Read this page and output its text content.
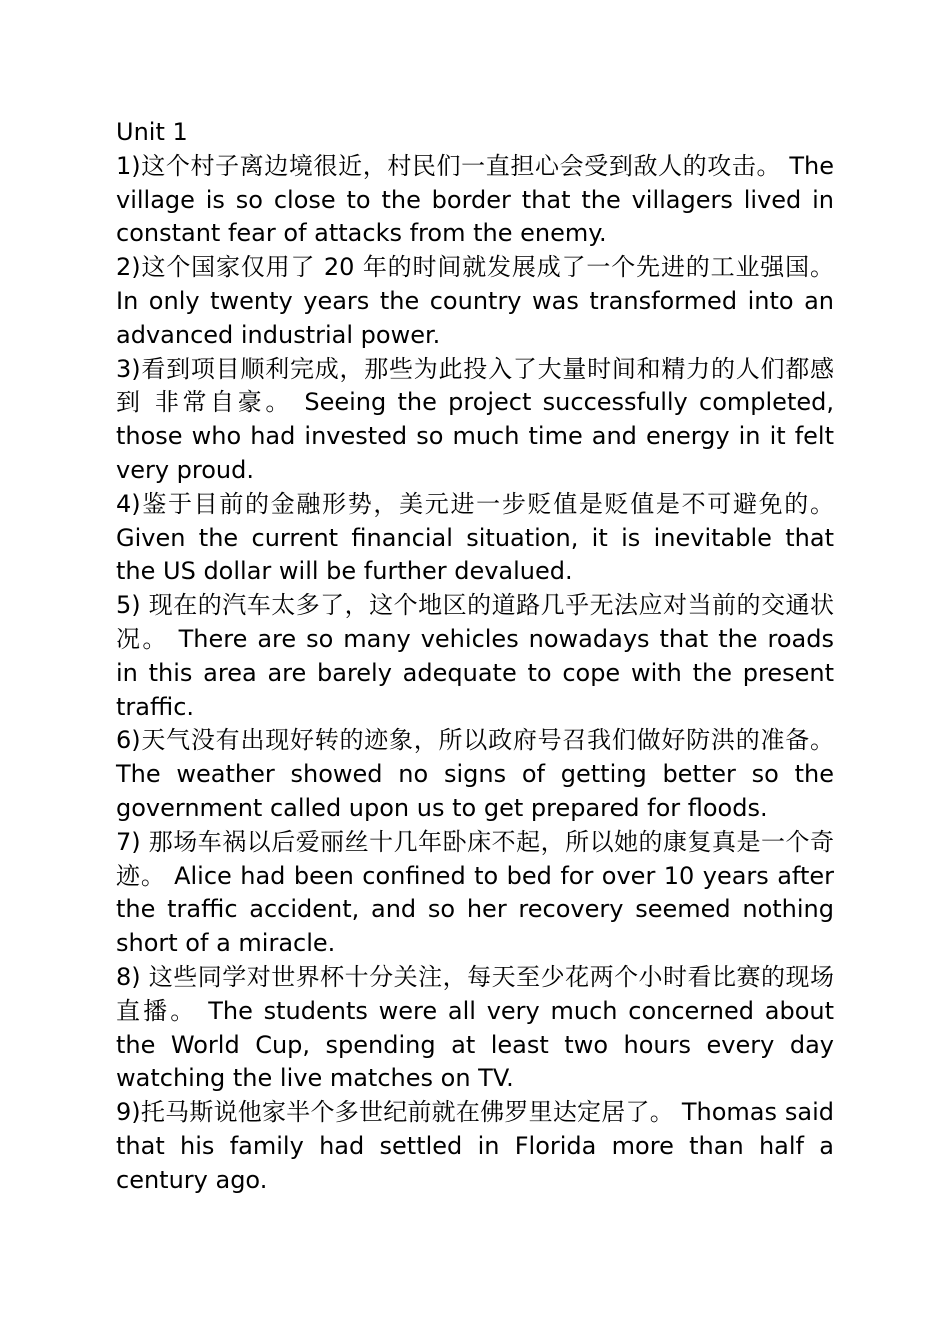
Unit 1
1)这个村子离边境很近，村民们一直担心会受到敌人的攻击。 The village is so close to the border that the villagers lived in constant fear of attacks from the enemy.
2)这个国家仅用了 20 年的时间就发展成了一个先进的工业强国。 In only twenty years the country was transformed into an advanced industrial power.
3)看到项目顺利完成，那些为此投入了大量时间和精力的人们都感到 非常自豪。 Seeing the project successfully completed, those who had invested so much time and energy in it felt very proud.
4)鉴于目前的金融形势，美元进一步贬值是贬值是不可避免的。 Given the current financial situation, it is inevitable that the US dollar will be further devalued.
5) 现在的汽车太多了，这个地区的道路几乎无法应对当前的交通状 况。 There are so many vehicles nowadays that the roads in this area are barely adequate to cope with the present traffic.
6)天气没有出现好转的迹象，所以政府号召我们做好防洪的准备。 The weather showed no signs of getting better so the government called upon us to get prepared for floods.
7) 那场车祸以后爱丽丝十几年卧床不起，所以她的康复真是一个奇迹。 Alice had been confined to bed for over 10 years after the traffic accident, and so her recovery seemed nothing short of a miracle.
8) 这些同学对世界杯十分关注，每天至少花两个小时看比赛的现场 直播。 The students were all very much concerned about the World Cup, spending at least two hours every day watching the live matches on TV.
9)托马斯说他家半个多世纪前就在佛罗里达定居了。 Thomas said that his family had settled in Florida more than half a century ago.
